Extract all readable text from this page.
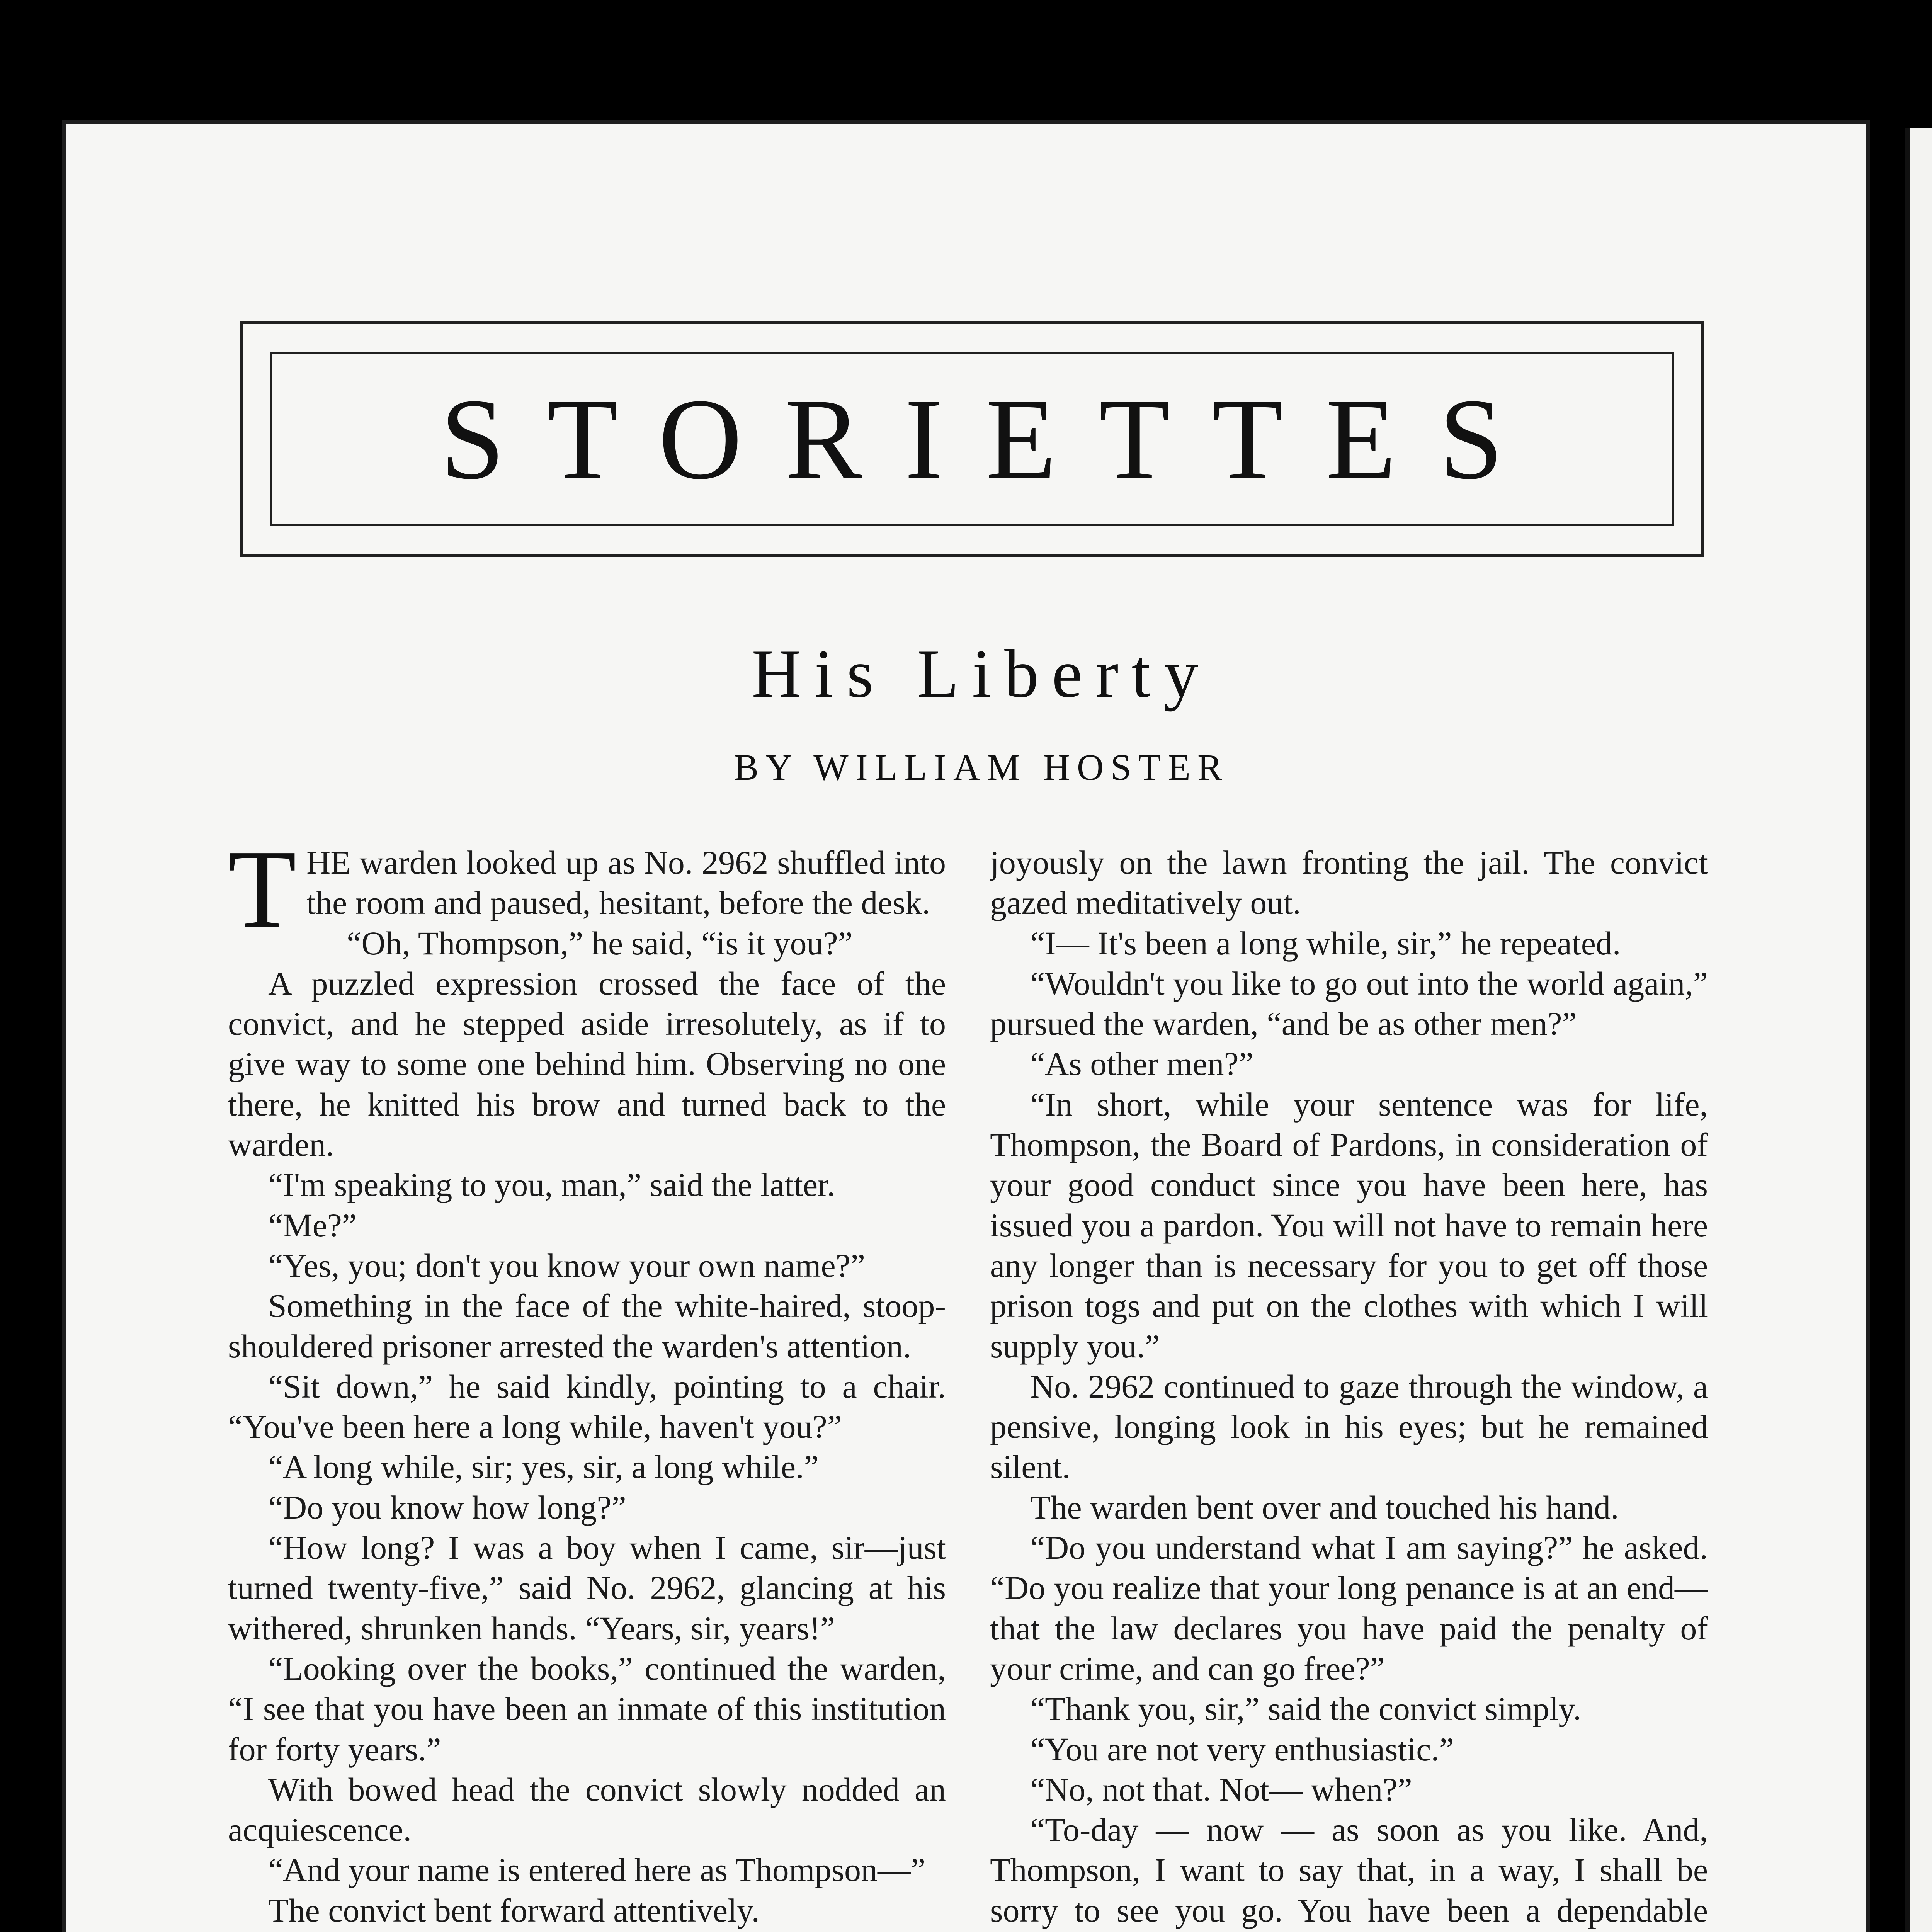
STORIETTES
His Liberty
BY WILLIAM HOSTER

THE warden looked up as No. 2962 shuffled into the room and paused, hesitant, before the desk.

“Oh, Thompson,” he said, “is it you?”

A puzzled expression crossed the face of the convict, and he stepped aside irresolutely, as if to give way to some one behind him. Observing no one there, he knitted his brow and turned back to the warden.

“I'm speaking to you, man,” said the latter.

“Me?”

“Yes, you; don't you know your own name?”

Something in the face of the white-haired, stoop-shouldered prisoner arrested the warden's attention.

“Sit down,” he said kindly, pointing to a chair. “You've been here a long while, haven't you?”

“A long while, sir; yes, sir, a long while.”

“Do you know how long?”

“How long? I was a boy when I came, sir—just turned twenty-five,” said No. 2962, glancing at his withered, shrunken hands. “Years, sir, years!”

“Looking over the books,” continued the warden, “I see that you have been an inmate of this institution for forty years.”

With bowed head the convict slowly nodded an acquiescence.

“And your name is entered here as Thompson—”

The convict bent forward attentively.

joyously on the lawn fronting the jail. The convict gazed meditatively out.

“I— It's been a long while, sir,” he repeated.

“Wouldn't you like to go out into the world again,” pursued the warden, “and be as other men?”

“As other men?”

“In short, while your sentence was for life, Thompson, the Board of Pardons, in consideration of your good conduct since you have been here, has issued you a pardon. You will not have to remain here any longer than is necessary for you to get off those prison togs and put on the clothes with which I will supply you.”

No. 2962 continued to gaze through the window, a pensive, longing look in his eyes; but he remained silent.

The warden bent over and touched his hand.

“Do you understand what I am saying?” he asked. “Do you realize that your long penance is at an end—that the law declares you have paid the penalty of your crime, and can go free?”

“Thank you, sir,” said the convict simply.

“You are not very enthusiastic.”

“No, not that. Not— when?”

“To-day — now — as soon as you like. And, Thompson, I want to say that, in a way, I shall be sorry to see you go. You have been a dependable
